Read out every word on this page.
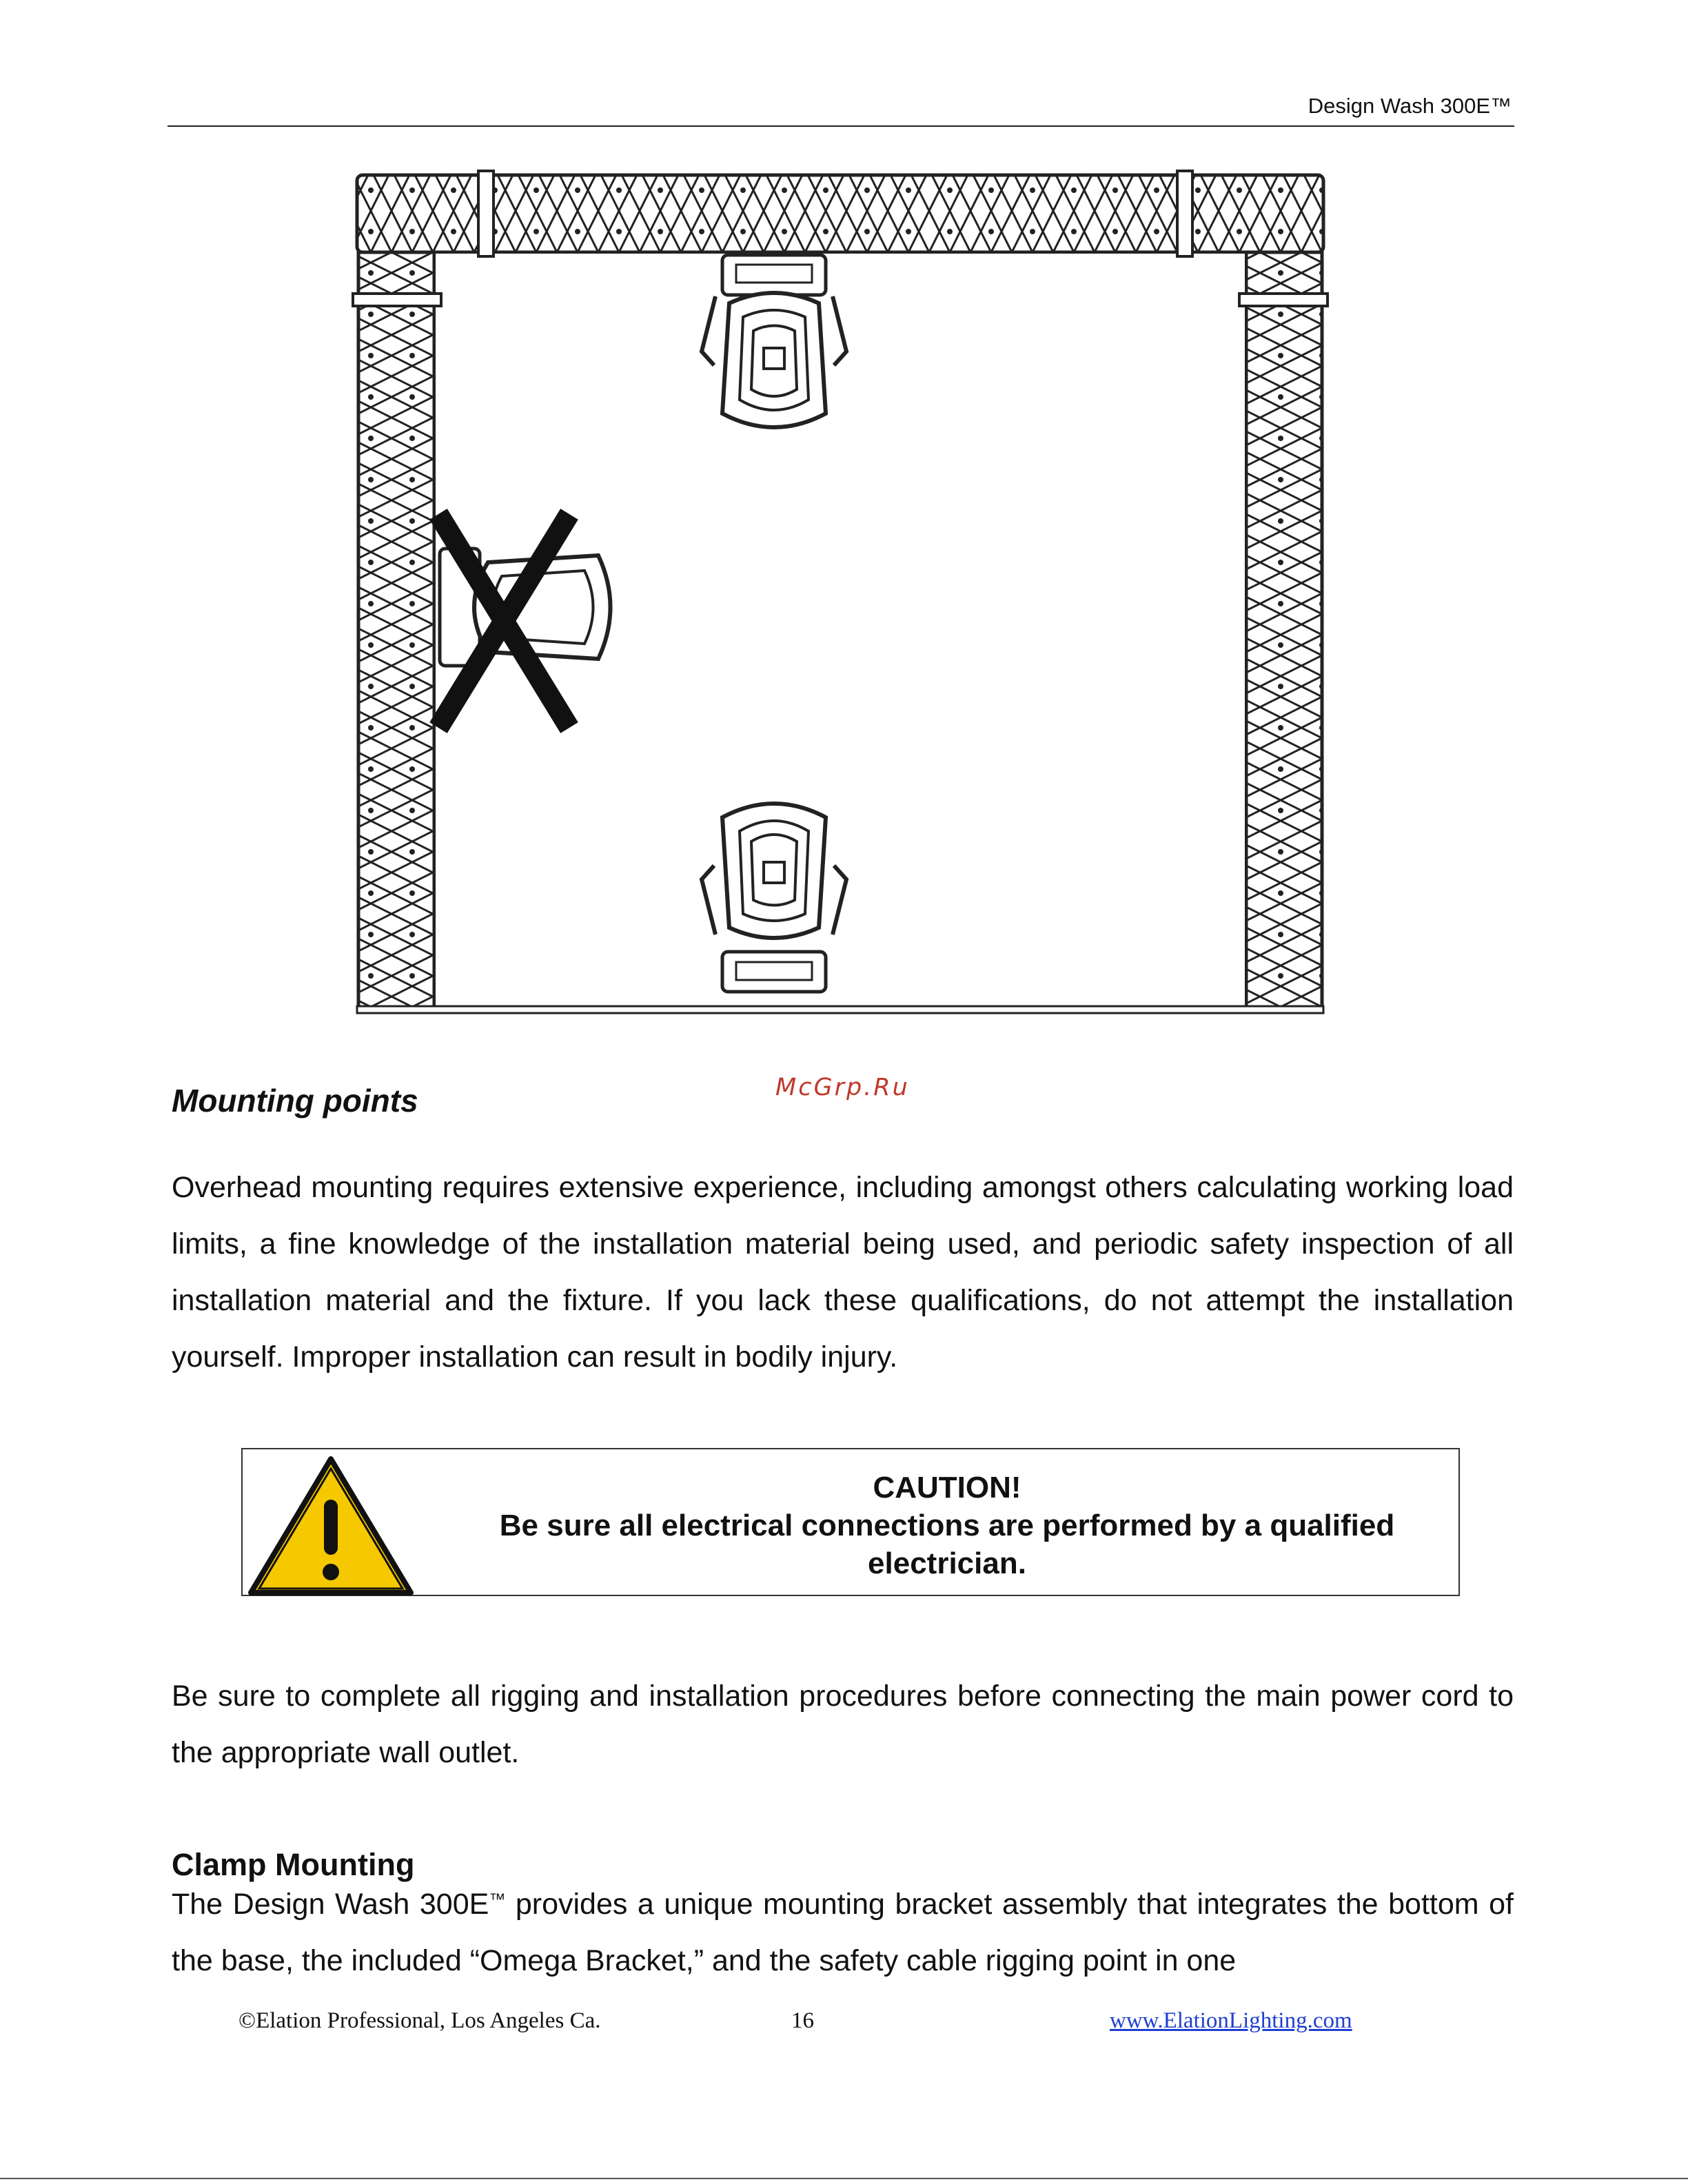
Design Wash 300E™
McGrp.Ru
Mounting points

Overhead mounting requires extensive experience, including amongst others calculating working load limits, a fine knowledge of the installation material being used, and periodic safety inspection of all installation material and the fixture. If you lack these qualifications, do not attempt the installation yourself. Improper installation can result in bodily injury.

CAUTION!
Be sure all electrical connections are performed by a qualified electrician.

Be sure to complete all rigging and installation procedures before connecting the main power cord to the appropriate wall outlet.

Clamp Mounting

The Design Wash 300E™ provides a unique mounting bracket assembly that integrates the bottom of the base, the included “Omega Bracket,” and the safety cable rigging point in one

©Elation Professional, Los Angeles Ca.	16	www.ElationLighting.com
